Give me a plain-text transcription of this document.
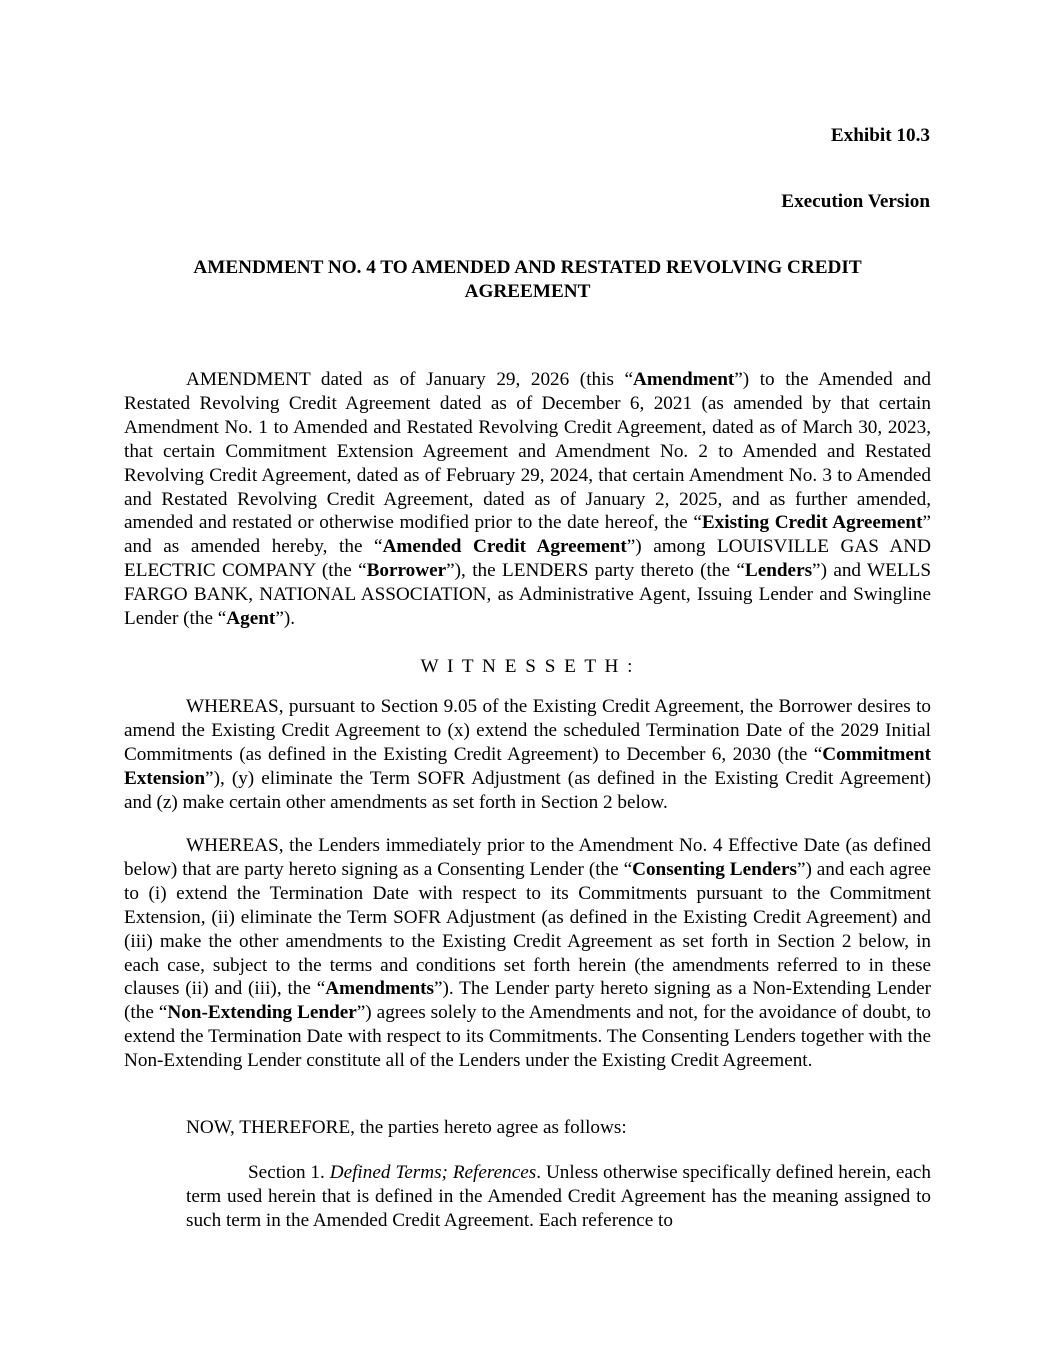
Exhibit 10.3

Execution Version

AMENDMENT NO. 4 TO AMENDED AND RESTATED REVOLVING CREDIT
AGREEMENT

AMENDMENT dated as of January 29, 2026 (this “Amendment”) to the Amended and Restated Revolving Credit Agreement dated as of December 6, 2021 (as amended by that certain Amendment No. 1 to Amended and Restated Revolving Credit Agreement, dated as of March 30, 2023, that certain Commitment Extension Agreement and Amendment No. 2 to Amended and Restated Revolving Credit Agreement, dated as of February 29, 2024, that certain Amendment No. 3 to Amended and Restated Revolving Credit Agreement, dated as of January 2, 2025, and as further amended, amended and restated or otherwise modified prior to the date hereof, the “Existing Credit Agreement” and as amended hereby, the “Amended Credit Agreement”) among LOUISVILLE GAS AND ELECTRIC COMPANY (the “Borrower”), the LENDERS party thereto (the “Lenders”) and WELLS FARGO BANK, NATIONAL ASSOCIATION, as Administrative Agent, Issuing Lender and Swingline Lender (the “Agent”).

W I T N E S S E T H :

WHEREAS, pursuant to Section 9.05 of the Existing Credit Agreement, the Borrower desires to amend the Existing Credit Agreement to (x) extend the scheduled Termination Date of the 2029 Initial Commitments (as defined in the Existing Credit Agreement) to December 6, 2030 (the “Commitment Extension”), (y) eliminate the Term SOFR Adjustment (as defined in the Existing Credit Agreement) and (z) make certain other amendments as set forth in Section 2 below.

WHEREAS, the Lenders immediately prior to the Amendment No. 4 Effective Date (as defined below) that are party hereto signing as a Consenting Lender (the “Consenting Lenders”) and each agree to (i) extend the Termination Date with respect to its Commitments pursuant to the Commitment Extension, (ii) eliminate the Term SOFR Adjustment (as defined in the Existing Credit Agreement) and (iii) make the other amendments to the Existing Credit Agreement as set forth in Section 2 below, in each case, subject to the terms and conditions set forth herein (the amendments referred to in these clauses (ii) and (iii), the “Amendments”). The Lender party hereto signing as a Non-Extending Lender (the “Non-Extending Lender”) agrees solely to the Amendments and not, for the avoidance of doubt, to extend the Termination Date with respect to its Commitments. The Consenting Lenders together with the Non-Extending Lender constitute all of the Lenders under the Existing Credit Agreement.

NOW, THEREFORE, the parties hereto agree as follows:

Section 1. Defined Terms; References. Unless otherwise specifically defined herein, each term used herein that is defined in the Amended Credit Agreement has the meaning assigned to such term in the Amended Credit Agreement. Each reference to
